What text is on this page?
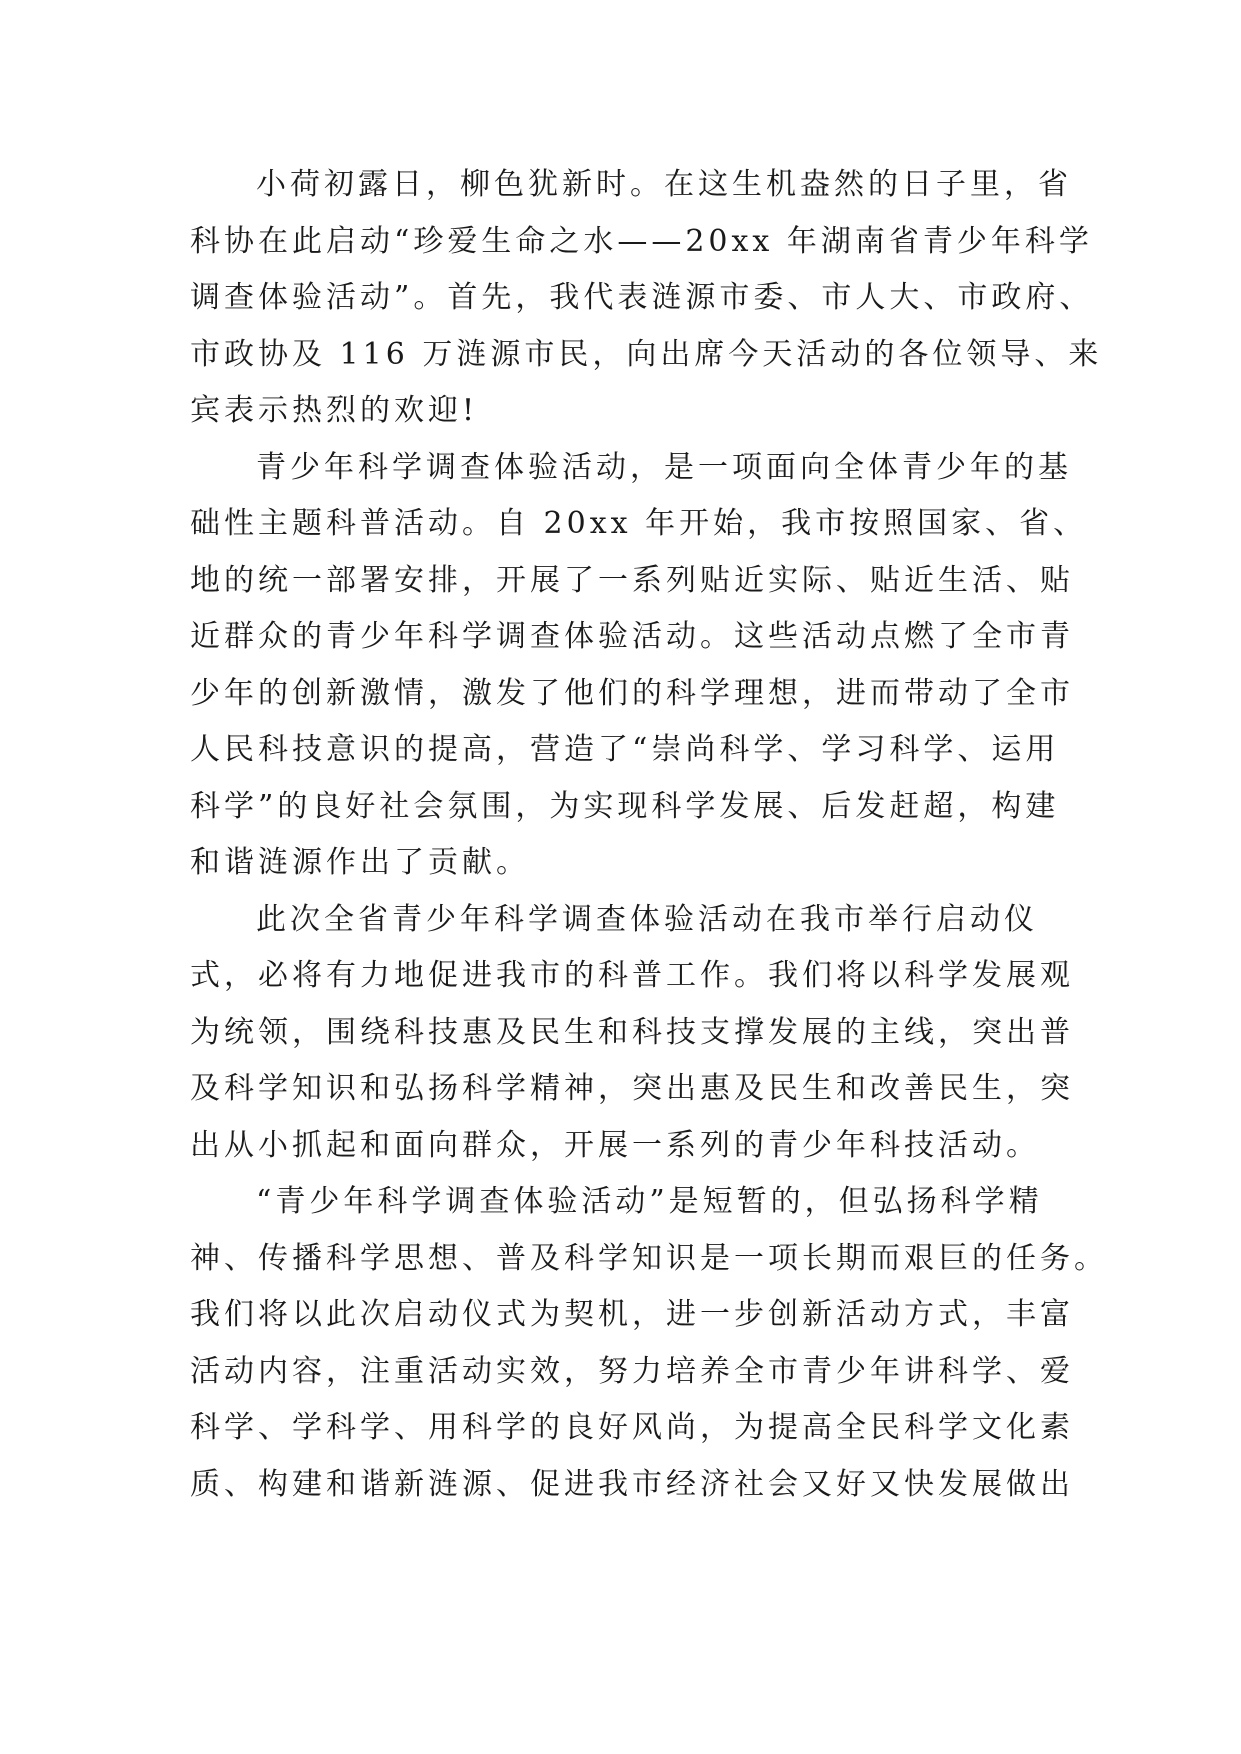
小荷初露日，柳色犹新时。在这生机盎然的日子里，省
科协在此启动“珍爱生命之水——20xx 年湖南省青少年科学
调查体验活动”。首先，我代表涟源市委、市人大、市政府、
市政协及 116 万涟源市民，向出席今天活动的各位领导、来
宾表示热烈的欢迎!
青少年科学调查体验活动，是一项面向全体青少年的基
础性主题科普活动。自 20xx 年开始，我市按照国家、省、
地的统一部署安排，开展了一系列贴近实际、贴近生活、贴
近群众的青少年科学调查体验活动。这些活动点燃了全市青
少年的创新激情，激发了他们的科学理想，进而带动了全市
人民科技意识的提高，营造了“崇尚科学、学习科学、运用
科学”的良好社会氛围，为实现科学发展、后发赶超，构建
和谐涟源作出了贡献。
此次全省青少年科学调查体验活动在我市举行启动仪
式，必将有力地促进我市的科普工作。我们将以科学发展观
为统领，围绕科技惠及民生和科技支撑发展的主线，突出普
及科学知识和弘扬科学精神，突出惠及民生和改善民生，突
出从小抓起和面向群众，开展一系列的青少年科技活动。
“青少年科学调查体验活动”是短暂的，但弘扬科学精
神、传播科学思想、普及科学知识是一项长期而艰巨的任务。
我们将以此次启动仪式为契机，进一步创新活动方式，丰富
活动内容，注重活动实效，努力培养全市青少年讲科学、爱
科学、学科学、用科学的良好风尚，为提高全民科学文化素
质、构建和谐新涟源、促进我市经济社会又好又快发展做出
